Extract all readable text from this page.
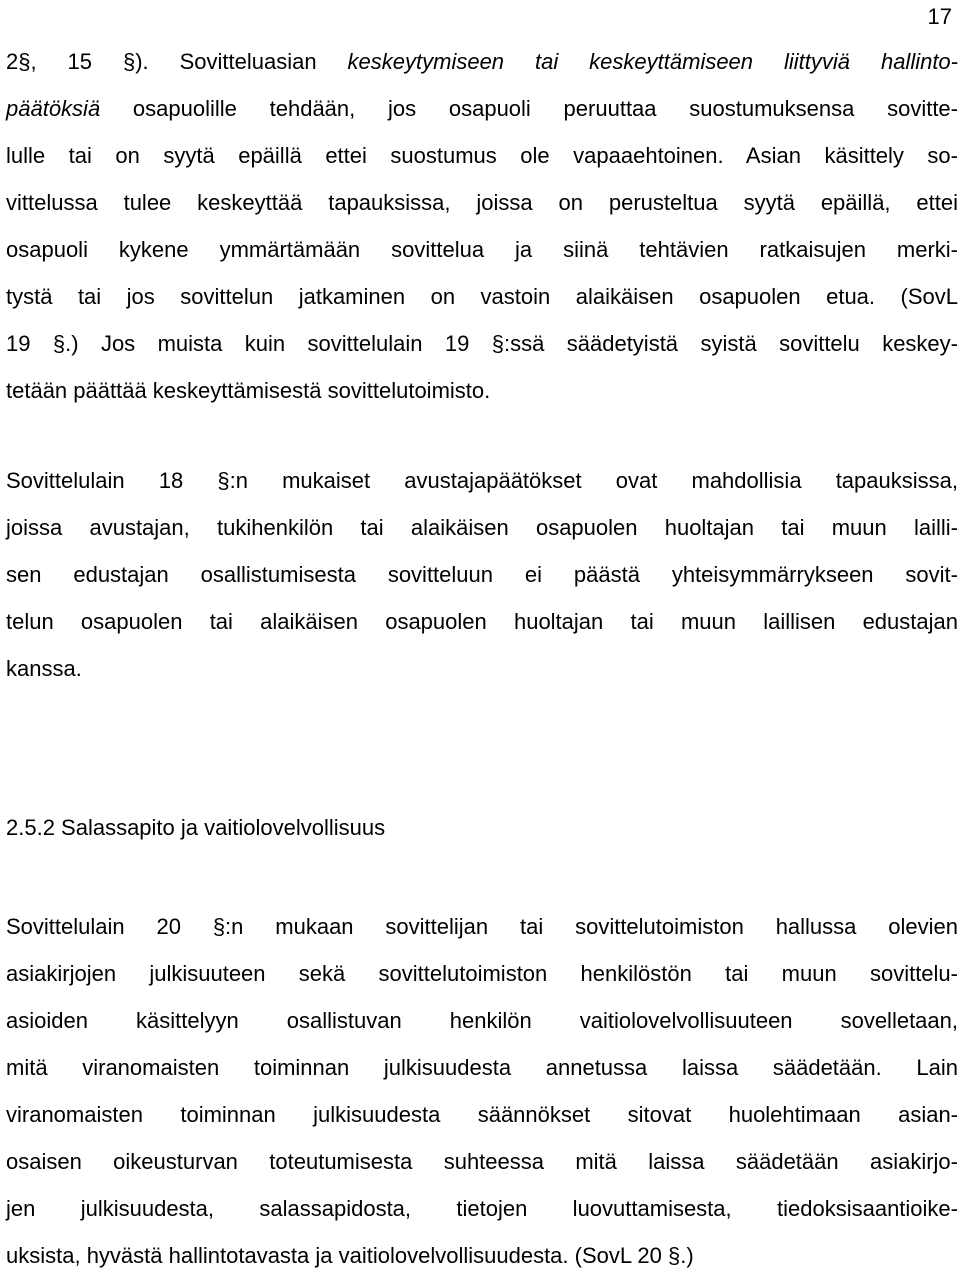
17
2§, 15 §). Sovitteluasian keskeytymiseen tai keskeyttämiseen liittyviä hallinto-
päätöksiä osapuolille tehdään, jos osapuoli peruuttaa suostumuksensa sovitte-
lulle tai on syytä epäillä ettei suostumus ole vapaaehtoinen. Asian käsittely so-
vittelussa tulee keskeyttää tapauksissa, joissa on perusteltua syytä epäillä, ettei
osapuoli kykene ymmärtämään sovittelua ja siinä tehtävien ratkaisujen merki-
tystä tai jos sovittelun jatkaminen on vastoin alaikäisen osapuolen etua. (SovL
19 §.) Jos muista kuin sovittelulain 19 §:ssä säädetyistä syistä sovittelu keskey-
tetään päättää keskeyttämisestä sovittelutoimisto.
Sovittelulain 18 §:n mukaiset avustajapäätökset ovat mahdollisia tapauksissa,
joissa avustajan, tukihenkilön tai alaikäisen osapuolen huoltajan tai muun lailli-
sen edustajan osallistumisesta sovitteluun ei päästä yhteisymmärrykseen sovit-
telun osapuolen tai alaikäisen osapuolen huoltajan tai muun laillisen edustajan
kanssa.
2.5.2 Salassapito ja vaitiolovelvollisuus
Sovittelulain 20 §:n mukaan sovittelijan tai sovittelutoimiston hallussa olevien
asiakirjojen julkisuuteen sekä sovittelutoimiston henkilöstön tai muun sovittelu-
asioiden käsittelyyn osallistuvan henkilön vaitiolovelvollisuuteen sovelletaan,
mitä viranomaisten toiminnan julkisuudesta annetussa laissa säädetään. Lain
viranomaisten toiminnan julkisuudesta säännökset sitovat huolehtimaan asian-
osaisen oikeusturvan toteutumisesta suhteessa mitä laissa säädetään asiakirjo-
jen julkisuudesta, salassapidosta, tietojen luovuttamisesta, tiedoksisaantioike-
uksista, hyvästä hallintotavasta ja vaitiolovelvollisuudesta. (SovL 20 §.)
